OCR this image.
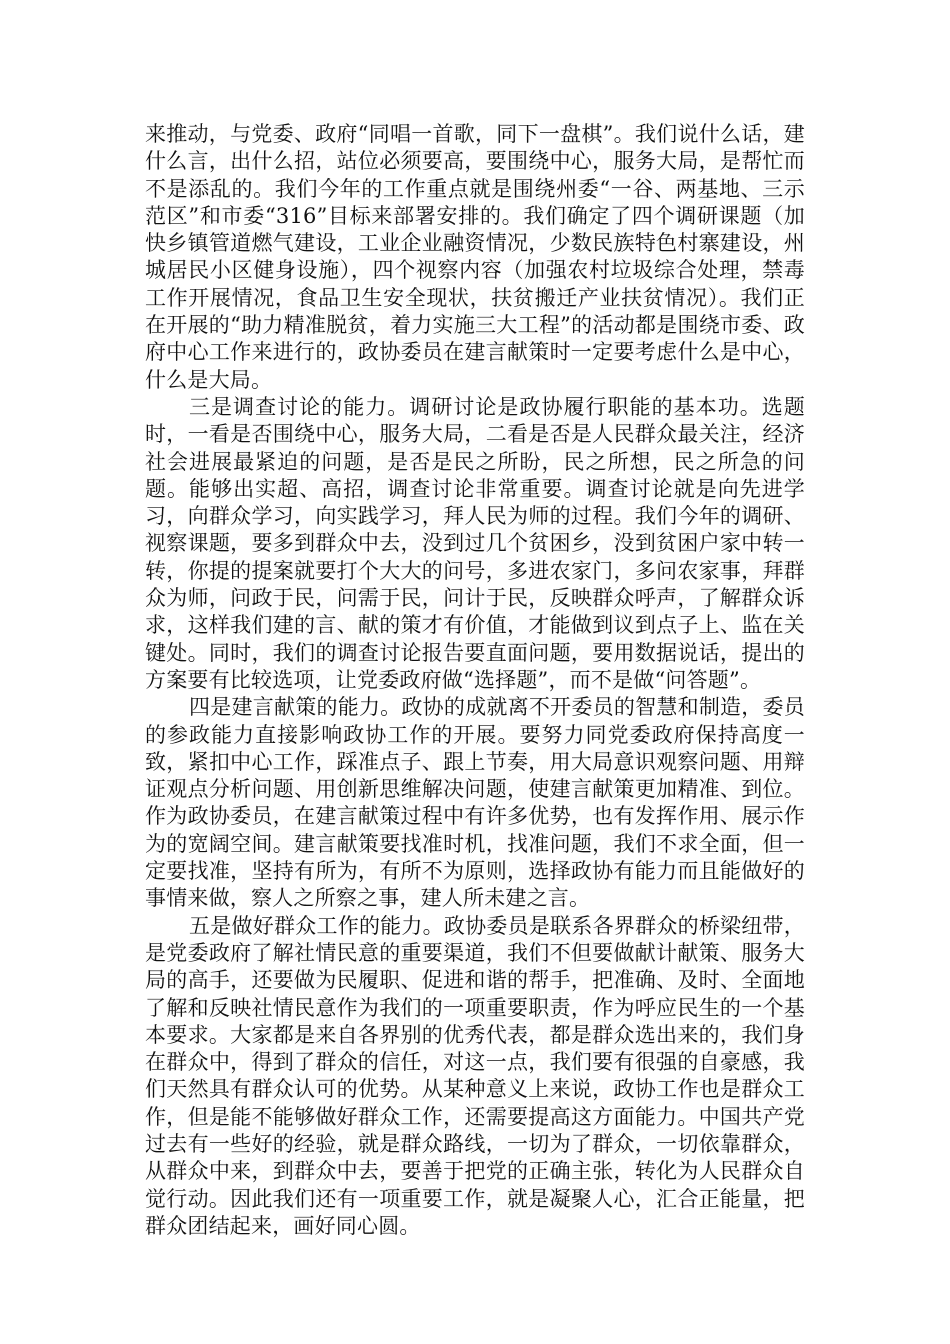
来推动，与党委、政府“同唱一首歌，同下一盘棋”。我们说什么话，建什么言，出什么招，站位必须要高，要围绕中心，服务大局，是帮忙而不是添乱的。我们今年的工作重点就是围绕州委“一谷、两基地、三示范区”和市委“316”目标来部署安排的。我们确定了四个调研课题（加快乡镇管道燃气建设，工业企业融资情况，少数民族特色村寨建设，州城居民小区健身设施），四个视察内容（加强农村垃圾综合处理，禁毒工作开展情况，食品卫生安全现状，扶贫搬迁产业扶贫情况）。我们正在开展的“助力精准脱贫，着力实施三大工程”的活动都是围绕市委、政府中心工作来进行的，政协委员在建言献策时一定要考虑什么是中心，什么是大局。

三是调查讨论的能力。调研讨论是政协履行职能的基本功。选题时，一看是否围绕中心，服务大局，二看是否是人民群众最关注，经济社会进展最紧迫的问题，是否是民之所盼，民之所想，民之所急的问题。能够出实超、高招，调查讨论非常重要。调查讨论就是向先进学习，向群众学习，向实践学习，拜人民为师的过程。我们今年的调研、视察课题，要多到群众中去，没到过几个贫困乡，没到贫困户家中转一转，你提的提案就要打个大大的问号，多进农家门，多问农家事，拜群众为师，问政于民，问需于民，问计于民，反映群众呼声，了解群众诉求，这样我们建的言、献的策才有价值，才能做到议到点子上、监在关键处。同时，我们的调查讨论报告要直面问题，要用数据说话，提出的方案要有比较选项，让党委政府做“选择题”，而不是做“问答题”。

四是建言献策的能力。政协的成就离不开委员的智慧和制造，委员的参政能力直接影响政协工作的开展。要努力同党委政府保持高度一致，紧扣中心工作，踩准点子、跟上节奏，用大局意识观察问题、用辩证观点分析问题、用创新思维解决问题，使建言献策更加精准、到位。作为政协委员，在建言献策过程中有许多优势，也有发挥作用、展示作为的宽阔空间。建言献策要找准时机，找准问题，我们不求全面，但一定要找准，坚持有所为，有所不为原则，选择政协有能力而且能做好的事情来做，察人之所察之事，建人所未建之言。

五是做好群众工作的能力。政协委员是联系各界群众的桥梁纽带，是党委政府了解社情民意的重要渠道，我们不但要做献计献策、服务大局的高手，还要做为民履职、促进和谐的帮手，把准确、及时、全面地了解和反映社情民意作为我们的一项重要职责，作为呼应民生的一个基本要求。大家都是来自各界别的优秀代表，都是群众选出来的，我们身在群众中，得到了群众的信任，对这一点，我们要有很强的自豪感，我们天然具有群众认可的优势。从某种意义上来说，政协工作也是群众工作，但是能不能够做好群众工作，还需要提高这方面能力。中国共产党过去有一些好的经验，就是群众路线，一切为了群众，一切依靠群众，从群众中来，到群众中去，要善于把党的正确主张，转化为人民群众自觉行动。因此我们还有一项重要工作，就是凝聚人心，汇合正能量，把群众团结起来，画好同心圆。
